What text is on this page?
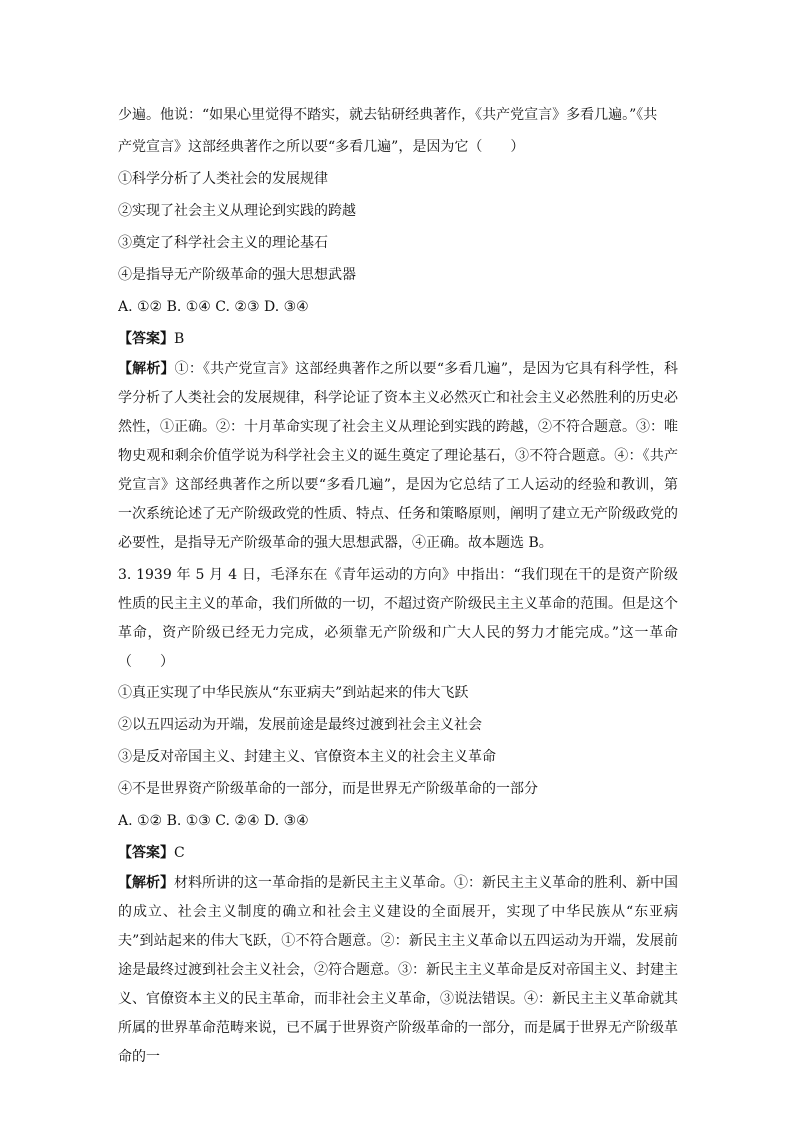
少遍。他说：“如果心里觉得不踏实，就去钻研经典著作，《共产党宣言》多看几遍。”《共
产党宣言》这部经典著作之所以要“多看几遍”，是因为它（　　）
①科学分析了人类社会的发展规律
②实现了社会主义从理论到实践的跨越
③奠定了科学社会主义的理论基石
④是指导无产阶级革命的强大思想武器
A. ①② B. ①④ C. ②③ D. ③④
【答案】B

【解析】①：《共产党宣言》这部经典著作之所以要“多看几遍”，是因为它具有科学性，科学分析了人类社会的发展规律，科学论证了资本主义必然灭亡和社会主义必然胜利的历史必然性，①正确。②：十月革命实现了社会主义从理论到实践的跨越，②不符合题意。③：唯物史观和剩余价值学说为科学社会主义的诞生奠定了理论基石，③不符合题意。④：《共产党宣言》这部经典著作之所以要“多看几遍”，是因为它总结了工人运动的经验和教训，第一次系统论述了无产阶级政党的性质、特点、任务和策略原则，阐明了建立无产阶级政党的必要性，是指导无产阶级革命的强大思想武器，④正确。故本题选 B。

3. 1939 年 5 月 4 日，毛泽东在《青年运动的方向》中指出：“我们现在干的是资产阶级性质的民主主义的革命，我们所做的一切，不超过资产阶级民主主义革命的范围。但是这个革命，资产阶级已经无力完成，必须靠无产阶级和广大人民的努力才能完成。”这一革命（　　）

①真正实现了中华民族从“东亚病夫”到站起来的伟大飞跃
②以五四运动为开端，发展前途是最终过渡到社会主义社会
③是反对帝国主义、封建主义、官僚资本主义的社会主义革命
④不是世界资产阶级革命的一部分，而是世界无产阶级革命的一部分
A. ①② B. ①③ C. ②④ D. ③④
【答案】C

【解析】材料所讲的这一革命指的是新民主主义革命。①：新民主主义革命的胜利、新中国的成立、社会主义制度的确立和社会主义建设的全面展开，实现了中华民族从“东亚病夫”到站起来的伟大飞跃，①不符合题意。②：新民主主义革命以五四运动为开端，发展前途是最终过渡到社会主义社会，②符合题意。③：新民主主义革命是反对帝国主义、封建主义、官僚资本主义的民主革命，而非社会主义革命，③说法错误。④：新民主主义革命就其所属的世界革命范畴来说，已不属于世界资产阶级革命的一部分，而是属于世界无产阶级革命的一
